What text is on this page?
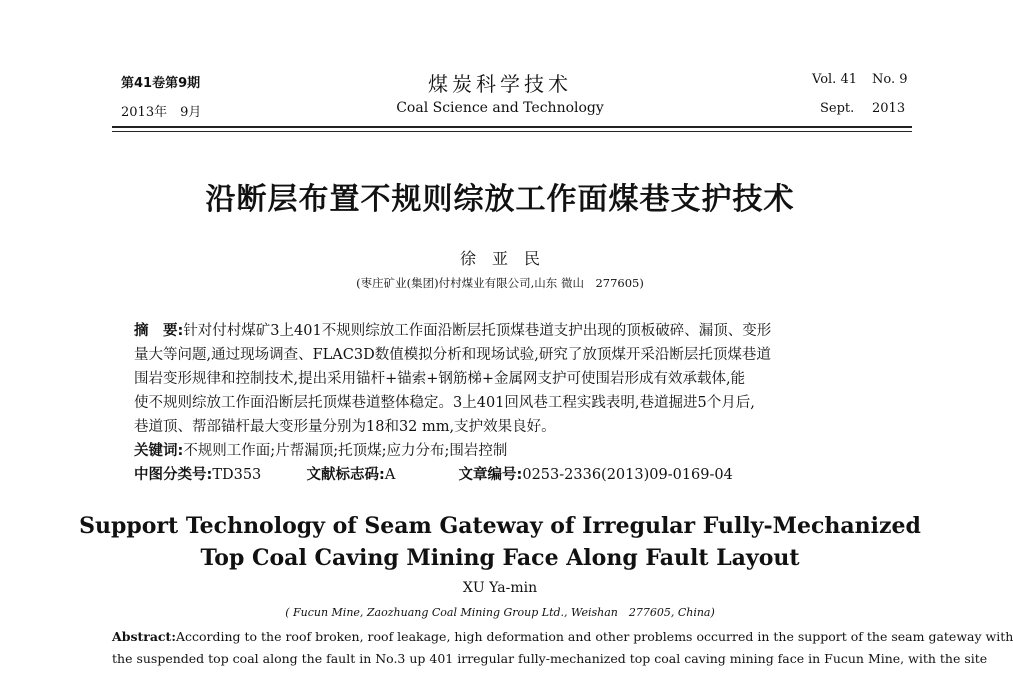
第41卷第9期
2013年　9月
煤炭科学技术
Coal Science and Technology
Vol. 41 No. 9
Sept. 2013
沿断层布置不规则综放工作面煤巷支护技术
徐　亚　民
(枣庄矿业(集团)付村煤业有限公司,山东 微山　277605)
摘　要:针对付村煤矿3上401不规则综放工作面沿断层托顶煤巷道支护出现的顶板破碎、漏顶、变形
量大等问题,通过现场调查、FLAC3D数值模拟分析和现场试验,研究了放顶煤开采沿断层托顶煤巷道
围岩变形规律和控制技术,提出采用锚杆+锚索+钢筋梯+金属网支护可使围岩形成有效承载体,能
使不规则综放工作面沿断层托顶煤巷道整体稳定。3上401回风巷工程实践表明,巷道掘进5个月后,
巷道顶、帮部锚杆最大变形量分别为18和32 mm,支护效果良好。
关键词:不规则工作面;片帮漏顶;托顶煤;应力分布;围岩控制
中图分类号:TD353	文献标志码:A	文章编号:0253-2336(2013)09-0169-04
Support Technology of Seam Gateway of Irregular Fully-Mechanized
Top Coal Caving Mining Face Along Fault Layout
XU Ya-min
( Fucun Mine, Zaozhuang Coal Mining Group Ltd., Weishan　277605, China)
Abstract:According to the roof broken, roof leakage, high deformation and other problems occurred in the support of the seam gateway with
the suspended top coal along the fault in No.3 up 401 irregular fully-mechanized top coal caving mining face in Fucun Mine, with the site
